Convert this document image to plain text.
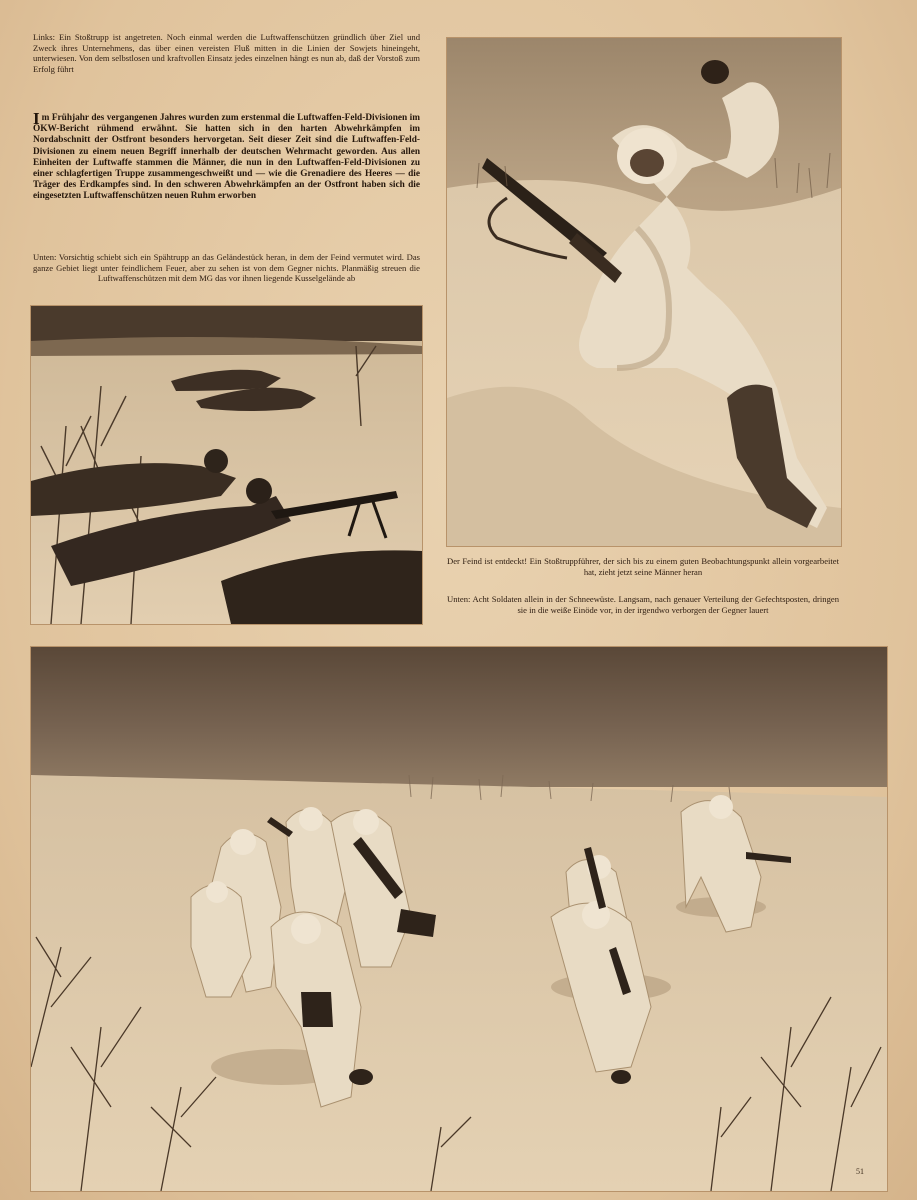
Links: Ein Stoßtrupp ist angetreten. Noch einmal werden die Luftwaffenschützen gründlich über Ziel und Zweck ihres Unternehmens, das über einen vereisten Fluß mitten in die Linien der Sowjets hineingeht, unterwiesen. Von dem selbstlosen und kraftvollen Einsatz jedes einzelnen hängt es nun ab, daß der Vorstoß zum Erfolg führt
Im Frühjahr des vergangenen Jahres wurden zum erstenmal die Luftwaffen-Feld-Divisionen im OKW-Bericht rühmend erwähnt. Sie hatten sich in den harten Abwehrkämpfen im Nordabschnitt der Ostfront besonders hervorgetan. Seit dieser Zeit sind die Luftwaffen-Feld-Divisionen zu einem neuen Begriff innerhalb der deutschen Wehrmacht geworden. Aus allen Einheiten der Luftwaffe stammen die Männer, die nun in den Luftwaffen-Feld-Divisionen zu einer schlagfertigen Truppe zusammengeschweißt und — wie die Grenadiere des Heeres — die Träger des Erdkampfes sind. In den schweren Abwehrkämpfen an der Ostfront haben sich die eingesetzten Luftwaffenschützen neuen Ruhm erworben
Unten: Vorsichtig schiebt sich ein Spähtrupp an das Geländestück heran, in dem der Feind vermutet wird. Das ganze Gebiet liegt unter feindlichem Feuer, aber zu sehen ist von dem Gegner nichts. Planmäßig streuen die Luftwaffenschützen mit dem MG das vor ihnen liegende Kusselgelände ab
Der Feind ist entdeckt! Ein Stoßtruppführer, der sich bis zu einem guten Beobachtungspunkt allein vorgearbeitet hat, zieht jetzt seine Männer heran
Unten: Acht Soldaten allein in der Schneewüste. Langsam, nach genauer Verteilung der Gefechtsposten, dringen sie in die weiße Einöde vor, in der irgendwo verborgen der Gegner lauert
51
